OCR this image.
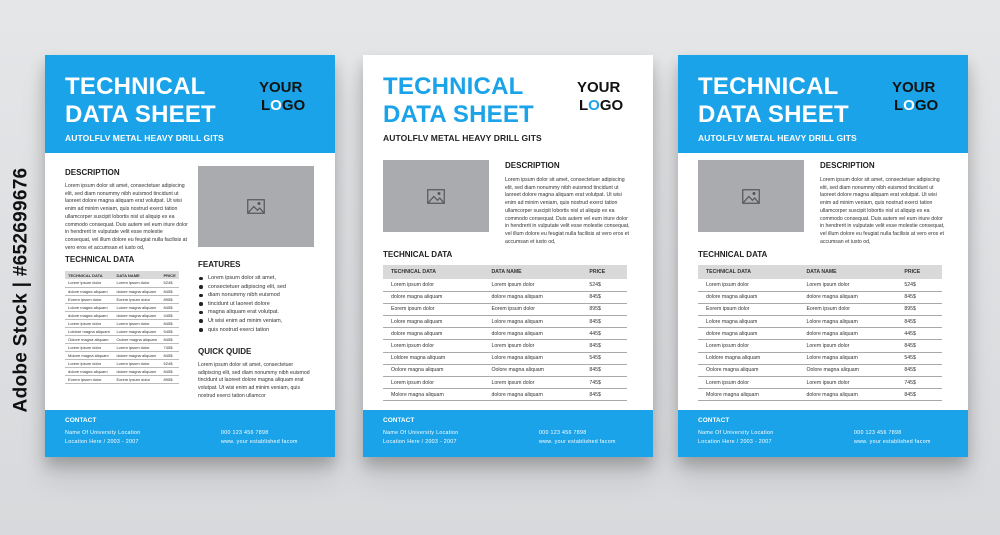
Adobe Stock | #652699676
TECHNICAL
DATA SHEET
YOUR
LOGO
AUTOLFLV METAL HEAVY DRILL GITS
DESCRIPTION
Lorem ipsum dolor sit amet, consectetuer adipiscing elit, sed diam nonummy nibh euismod tincidunt ut laoreet dolore magna aliquam erat volutpat. Ut wisi enim ad minim veniam, quis nostrud exerci tation ullamcorper suscipit lobortis nisl ut aliquip ex ea commodo consequat. Duis autem vel eum iriure dolor in hendrerit in vulputate velit esse molestie consequat, vel illum dolore eu feugiat nulla facilisis at vero eros et accumsan et iusto od,
TECHNICAL DATA
TECHNICAL DATA	DATA NAME	PRICE
Lorem ipsum dolor	Lorem ipsum dolor	524$
dolore magna aliquam	dolore magna aliquam	845$
Eorem ipsum dolor	Eorem ipsum dolor	895$
Lolore magna aliquam	Lolore magna aliquam	845$
dolore magna aliquam	dolore magna aliquam	445$
Lorem ipsum dolor	Lorem ipsum dolor	845$
Loldore magna aliquam	Lolore magna aliquam	545$
Oolore magna aliquam	Oolore magna aliquam	845$
Lorem ipsum dolor	Lorem ipsum dolor	745$
Molore magna aliquam	dolore magna aliquam	845$
Lorem ipsum dolor	Lorem ipsum dolor	524$
dolore magna aliquam	dolore magna aliquam	845$
Eorem ipsum dolor	Eorem ipsum dolor	895$
FEATURES
Lorem ipsum dolor sit amet,
consectetuer adipiscing elit, sed
diam nonummy nibh euismod
tincidunt ut laoreet dolore
magna aliquam erat volutpat.
Ut wisi enim ad minim veniam,
quis nostrud exerci tation
QUICK QUIDE
Lorem ipsum dolor sit amet, consectetuer adipiscing elit, sed diam nonummy nibh euismod tincidunt ut laoreet dolore magna aliquam erat volutpat. Ut wisi enim ad minim veniam, quis nostrud exerci tation ullamcor
CONTACT
Name Of University Location
Location Here / 2003 - 2007
000 123 456 7898
www. your established facom
TECHNICAL
DATA SHEET
YOUR
LOGO
AUTOLFLV METAL HEAVY DRILL GITS
DESCRIPTION
Lorem ipsum dolor sit amet, consectetuer adipiscing elit, sed diam nonummy nibh euismod tincidunt ut laoreet dolore magna aliquam erat volutpat. Ut wisi enim ad minim veniam, quis nostrud exerci tation ullamcorper suscipit lobortis nisl ut aliquip ex ea commodo consequat. Duis autem vel eum iriure dolor in hendrerit in vulputate velit esse molestie consequat, vel illum dolore eu feugiat nulla facilisis at vero eros et accumsan et iusto od,
TECHNICAL DATA
TECHNICAL DATA	DATA NAME	PRICE
Lorem ipsum dolor	Lorem ipsum dolor	524$
dolore magna aliquam	dolore magna aliquam	845$
Eorem ipsum dolor	Eorem ipsum dolor	895$
Lolore magna aliquam	Lolore magna aliquam	845$
dolore magna aliquam	dolore magna aliquam	445$
Lorem ipsum dolor	Lorem ipsum dolor	845$
Loldore magna aliquam	Lolore magna aliquam	545$
Oolore magna aliquam	Oolore magna aliquam	845$
Lorem ipsum dolor	Lorem ipsum dolor	745$
Molore magna aliquam	dolore magna aliquam	845$
CONTACT
Name Of University Location
Location Here / 2003 - 2007
000 123 456 7898
www. your established facom
TECHNICAL
DATA SHEET
YOUR
LOGO
AUTOLFLV METAL HEAVY DRILL GITS
DESCRIPTION
Lorem ipsum dolor sit amet, consectetuer adipiscing elit, sed diam nonummy nibh euismod tincidunt ut laoreet dolore magna aliquam erat volutpat. Ut wisi enim ad minim veniam, quis nostrud exerci tation ullamcorper suscipit lobortis nisl ut aliquip ex ea commodo consequat. Duis autem vel eum iriure dolor in hendrerit in vulputate velit esse molestie consequat, vel illum dolore eu feugiat nulla facilisis at vero eros et accumsan et iusto od,
TECHNICAL DATA
TECHNICAL DATA	DATA NAME	PRICE
Lorem ipsum dolor	Lorem ipsum dolor	524$
dolore magna aliquam	dolore magna aliquam	845$
Eorem ipsum dolor	Eorem ipsum dolor	895$
Lolore magna aliquam	Lolore magna aliquam	845$
dolore magna aliquam	dolore magna aliquam	445$
Lorem ipsum dolor	Lorem ipsum dolor	845$
Loldore magna aliquam	Lolore magna aliquam	545$
Oolore magna aliquam	Oolore magna aliquam	845$
Lorem ipsum dolor	Lorem ipsum dolor	745$
Molore magna aliquam	dolore magna aliquam	845$
CONTACT
Name Of University Location
Location Here / 2003 - 2007
000 123 456 7898
www. your established facom
